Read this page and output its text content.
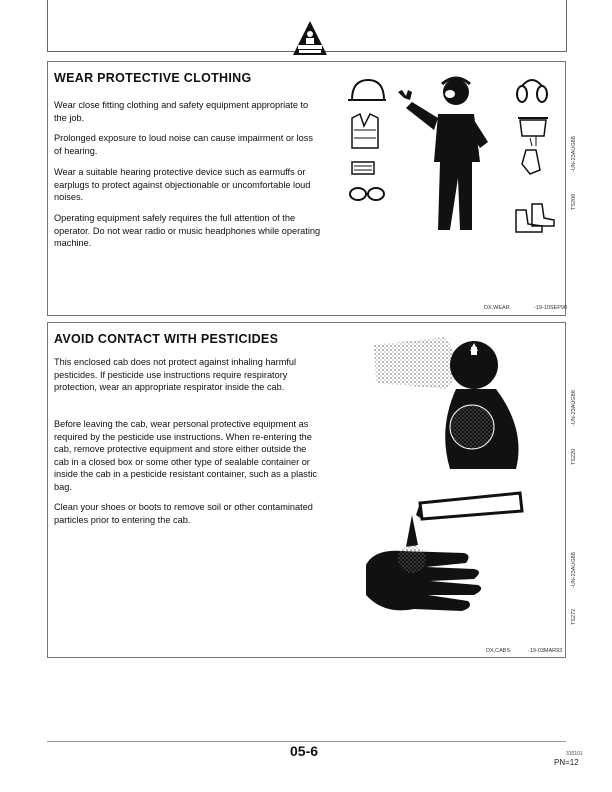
WEAR PROTECTIVE CLOTHING

Wear close fitting clothing and safety equipment appropriate to the job.

Prolonged exposure to loud noise can cause impairment or loss of hearing.

Wear a suitable hearing protective device such as earmuffs or earplugs to protect against objectionable or uncomfortable loud noises.

Operating equipment safely requires the full attention of the operator. Do not wear radio or music headphones while operating machine.

TS206
-UN-23AUG88
DX,WEAR	-19-10SEP90
AVOID CONTACT WITH PESTICIDES

This enclosed cab does not protect against inhaling harmful pesticides. If pesticide use instructions require respiratory protection, wear an appropriate respirator inside the cab.

Before leaving the cab, wear personal protective equipment as required by the pesticide use instructions. When re-entering the cab, remove protective equipment and store either outside the cab in a closed box or some other type of sealable container or inside the cab in a pesticide resistant container, such as a plastic bag.

Clean your shoes or boots to remove soil or other contaminated particles prior to entering the cab.

TS220
-UN-23AUG88
TS272
-UN-23AUG88
DX,CABS	-19-03MAR93
05-6	310101
PN=12
